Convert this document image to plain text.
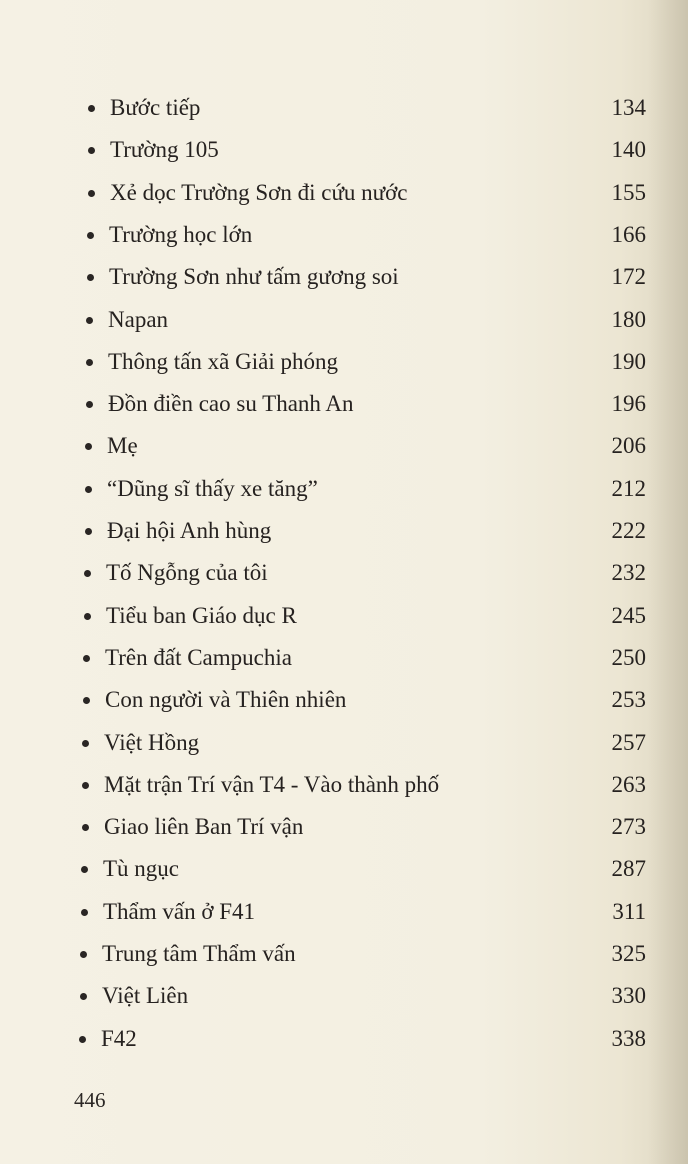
Bước tiếp	134
Trường 105	140
Xẻ dọc Trường Sơn đi cứu nước	155
Trường học lớn	166
Trường Sơn như tấm gương soi	172
Napan	180
Thông tấn xã Giải phóng	190
Đồn điền cao su Thanh An	196
Mẹ	206
“Dũng sĩ thấy xe tăng”	212
Đại hội Anh hùng	222
Tố Ngỗng của tôi	232
Tiểu ban Giáo dục R	245
Trên đất Campuchia	250
Con người và Thiên nhiên	253
Việt Hồng	257
Mặt trận Trí vận T4 - Vào thành phố	263
Giao liên Ban Trí vận	273
Tù ngục	287
Thẩm vấn ở F41	311
Trung tâm Thẩm vấn	325
Việt Liên	330
F42	338
446
